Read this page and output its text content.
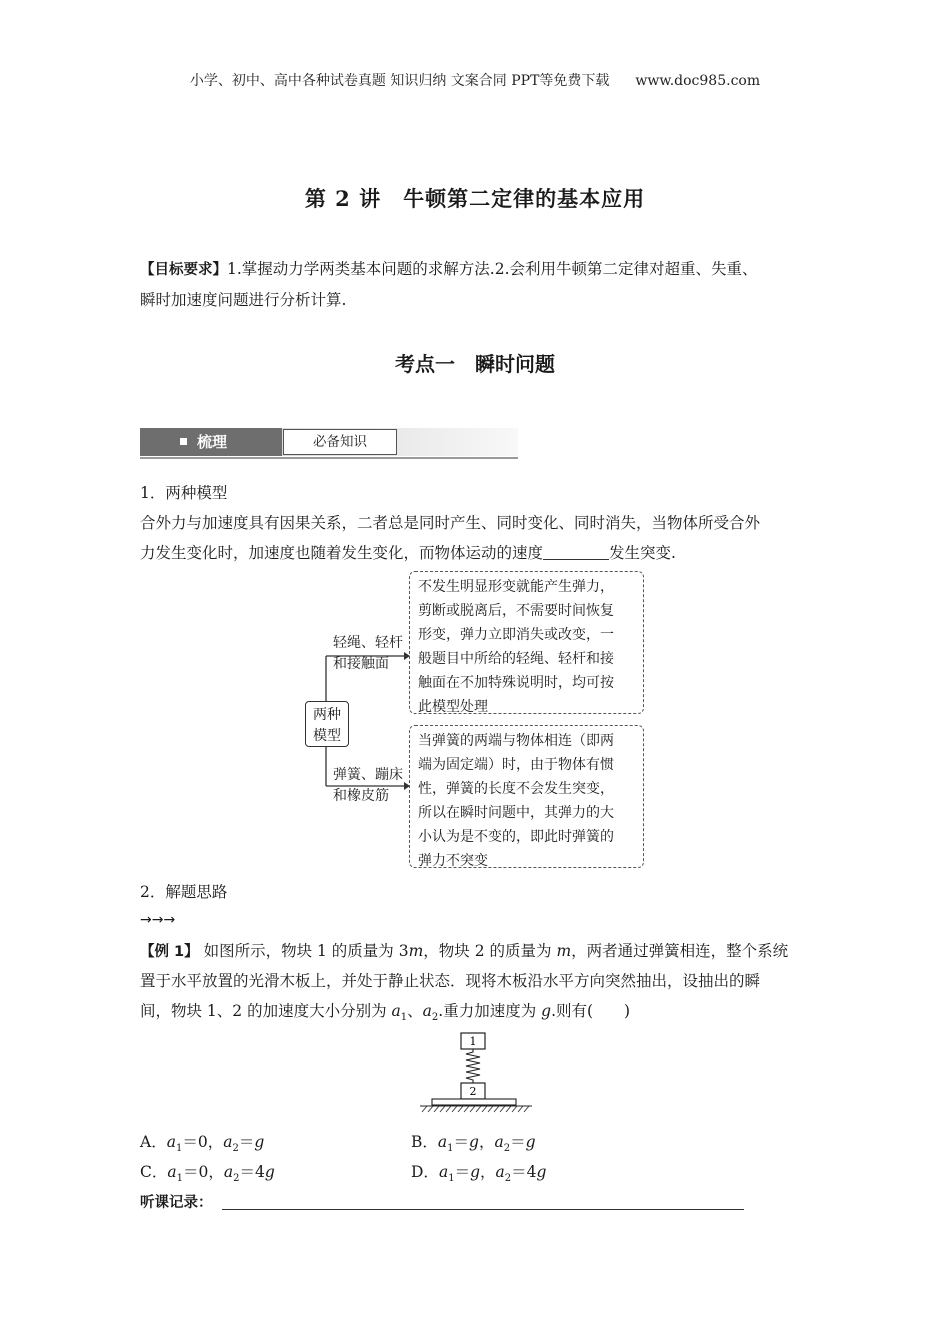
小学、初中、高中各种试卷真题 知识归纳 文案合同 PPT等免费下载 www.doc985.com
第 2 讲　牛顿第二定律的基本应用
【目标要求】1.掌握动力学两类基本问题的求解方法.2.会利用牛顿第二定律对超重、失重、
瞬时加速度问题进行分析计算.
考点一　瞬时问题
梳理	必备知识
1．两种模型
合外力与加速度具有因果关系，二者总是同时产生、同时变化、同时消失，当物体所受合外
力发生变化时，加速度也随着发生变化，而物体运动的速度	发生突变.
两种
模型
轻绳、轻杆
和接触面
弹簧、蹦床
和橡皮筋
不发生明显形变就能产生弹力，
剪断或脱离后，不需要时间恢复
形变，弹力立即消失或改变，一
般题目中所给的轻绳、轻杆和接
触面在不加特殊说明时，均可按
此模型处理
当弹簧的两端与物体相连（即两
端为固定端）时，由于物体有惯
性，弹簧的长度不会发生突变，
所以在瞬时问题中，其弹力的大
小认为是不变的，即此时弹簧的
弹力不突变
2．解题思路
→→→
【例 1】 如图所示，物块 1 的质量为 3m，物块 2 的质量为 m，两者通过弹簧相连，整个系统
置于水平放置的光滑木板上，并处于静止状态．现将木板沿水平方向突然抽出，设抽出的瞬
间，物块 1、2 的加速度大小分别为 $a_1$、$a_2$.重力加速度为 g.则有(　　)
1
2
A．$a_1=0$，$a_2=g$	B．$a_1=g$，$a_2=g$
C．$a_1=0$，$a_2=4g$	D．$a_1=g$，$a_2=4g$
听课记录：
